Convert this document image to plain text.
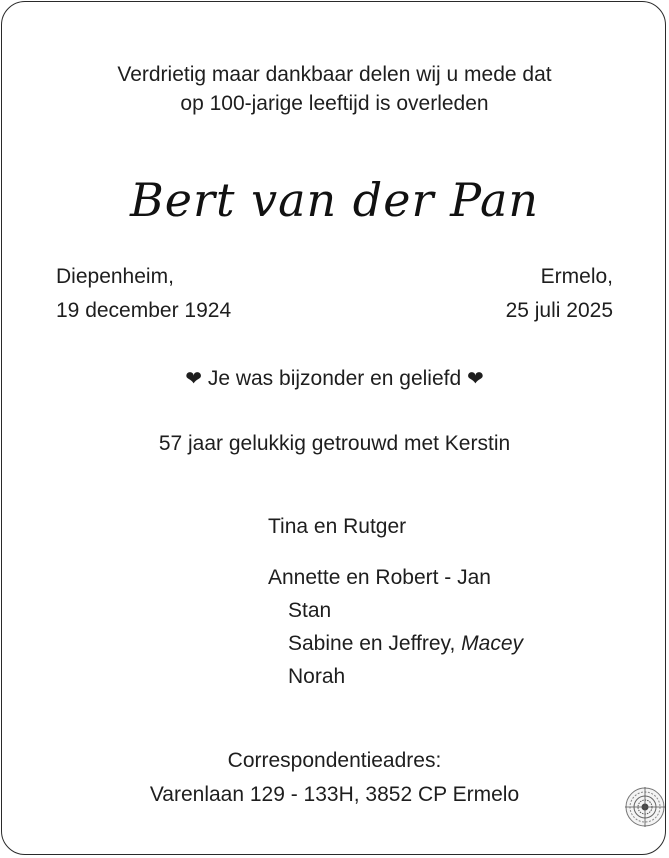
Verdrietig maar dankbaar delen wij u mede dat
op 100-jarige leeftijd is overleden
Bert van der Pan
Diepenheim,
19 december 1924
Ermelo,
25 juli 2025
❤ Je was bijzonder en geliefd ❤
57 jaar gelukkig getrouwd met Kerstin
Tina en Rutger
Annette en Robert - Jan
Stan
Sabine en Jeffrey, Macey
Norah
Correspondentieadres:
Varenlaan 129 - 133H, 3852 CP Ermelo
